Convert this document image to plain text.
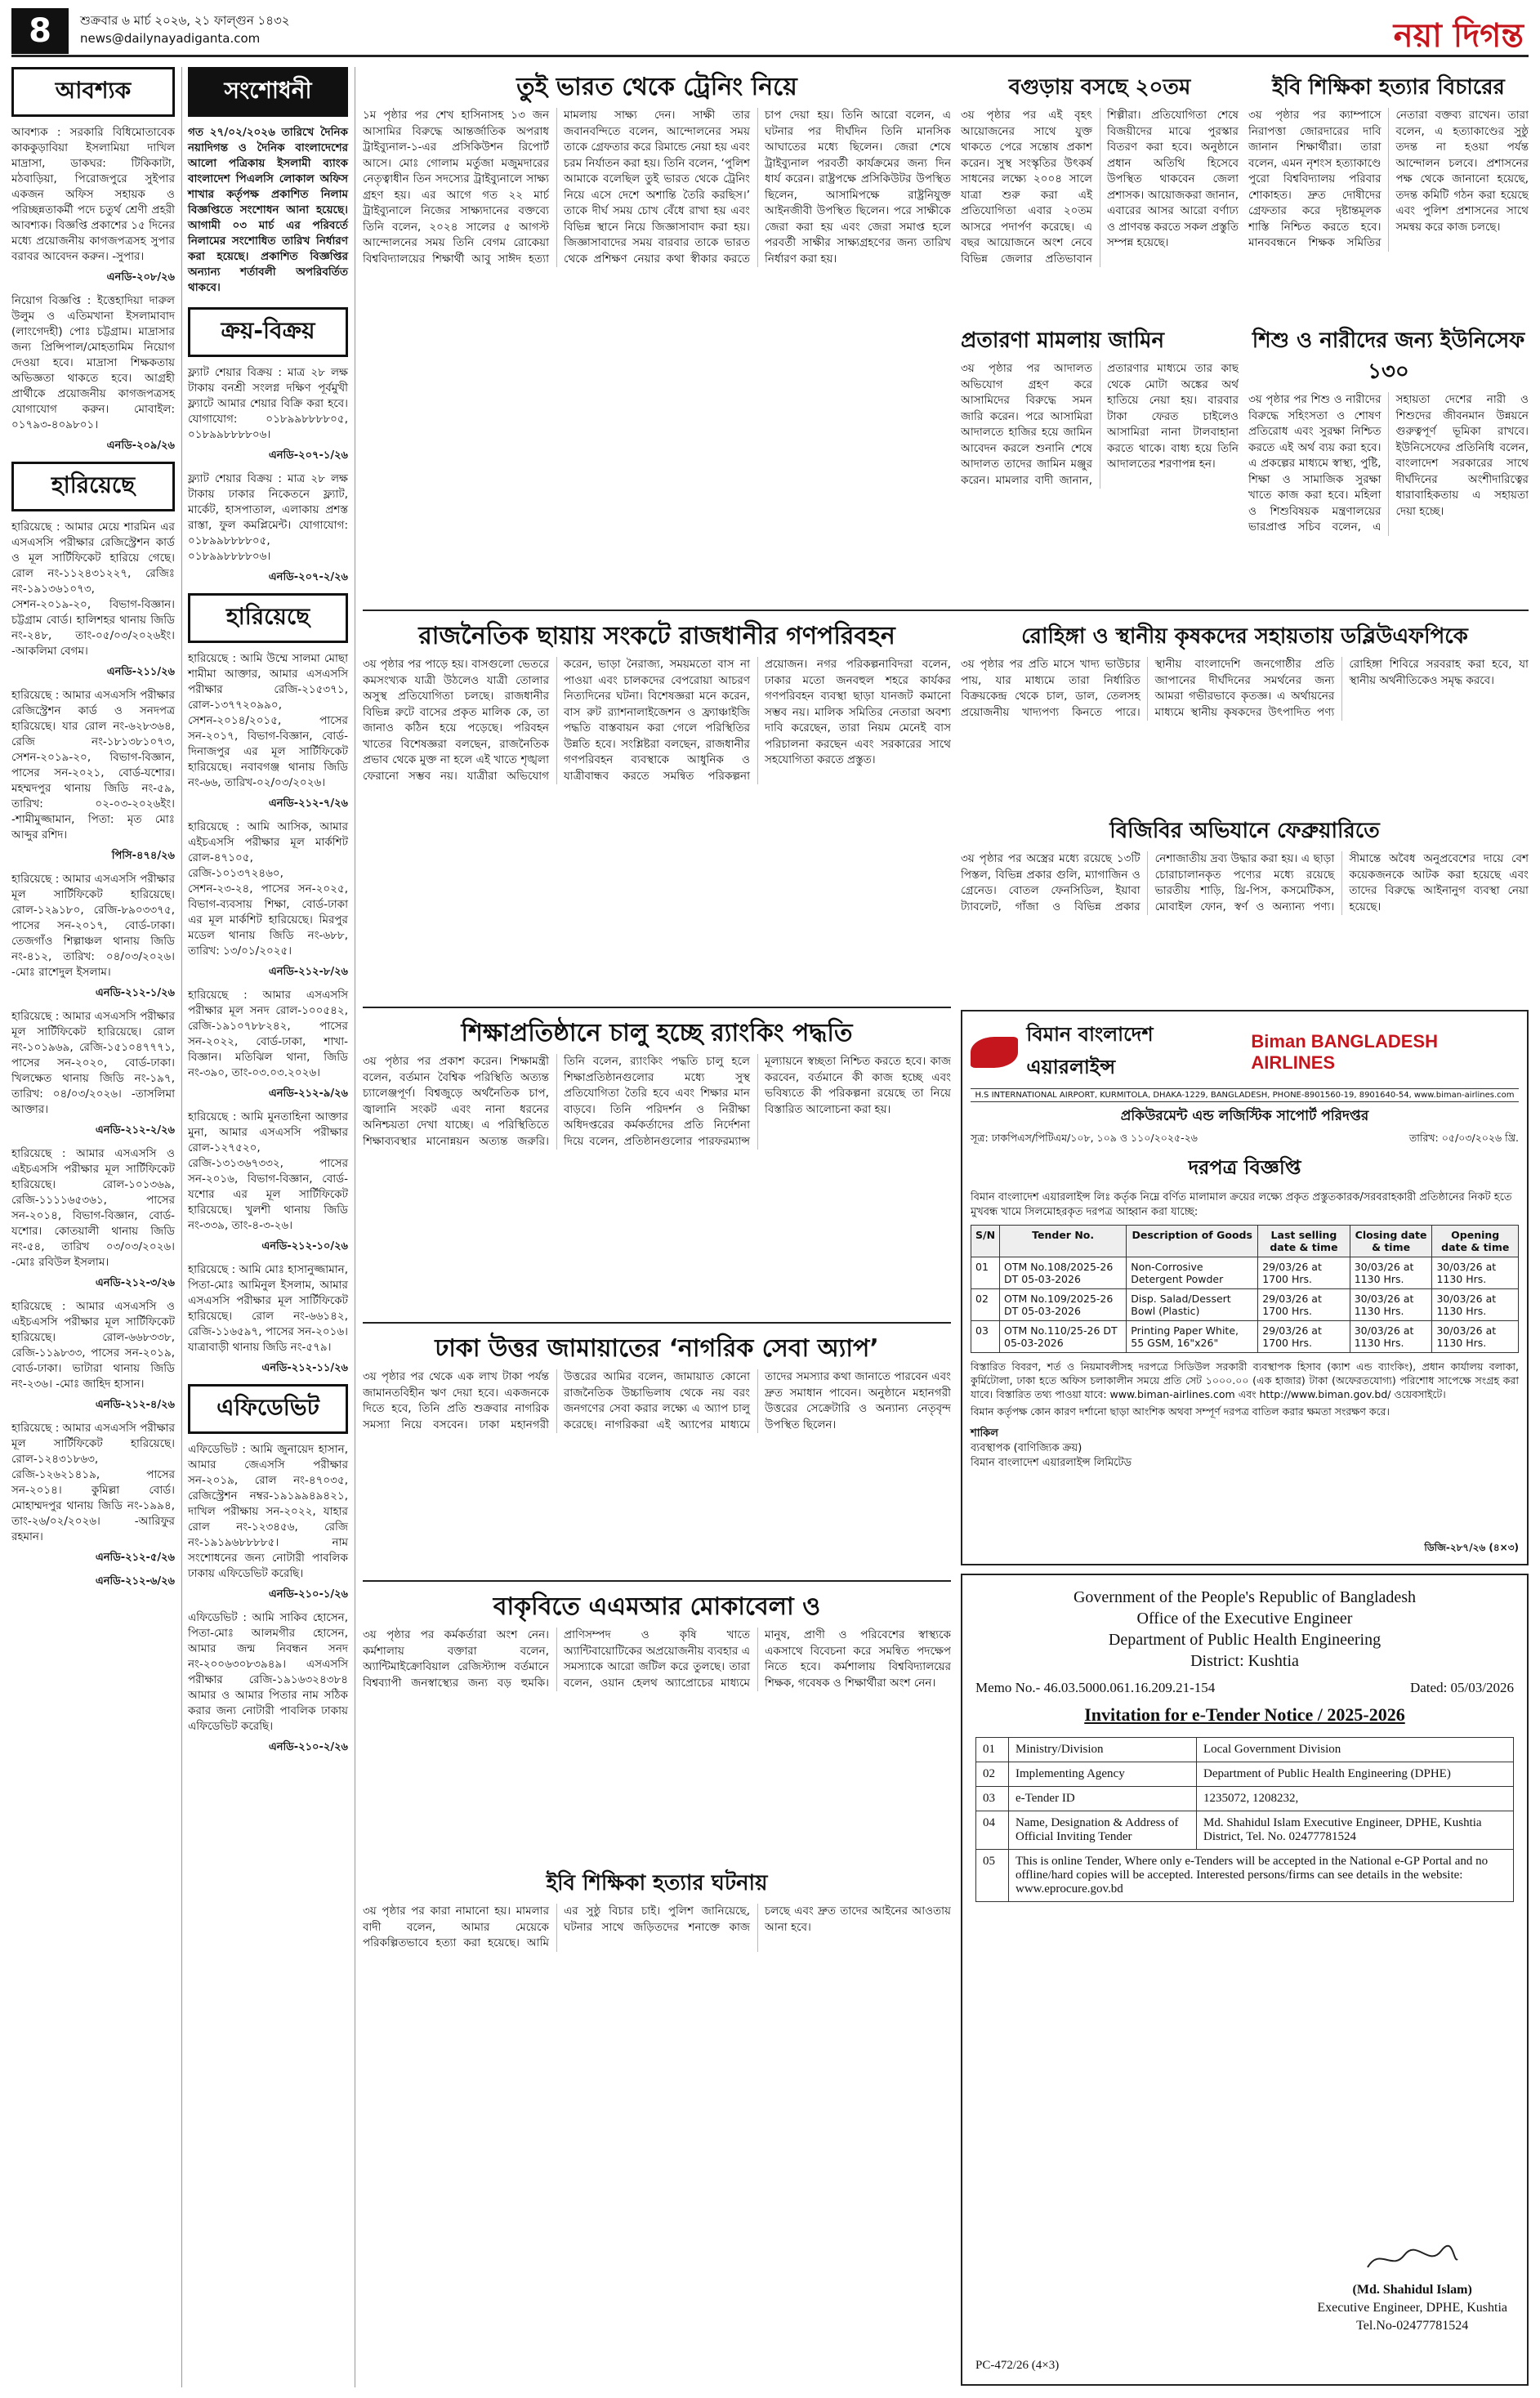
8	শুক্রবার ৬ মার্চ ২০২৬, ২১ ফাল্গুন ১৪৩২
news@dailynayadiganta.com	নয়া দিগন্ত
আবশ্যক

আবশ্যক : সরকারি বিধিমোতাবেক কাককুড়াবিয়া ইসলামিয়া দাখিল মাদ্রাসা, ডাকঘর: টিকিকাটা, মঠবাড়িয়া, পিরোজপুরে সুইপার একজন অফিস সহায়ক ও পরিচ্ছন্নতাকর্মী পদে চতুর্থ শ্রেণী প্রহরী আবশ্যক। বিজ্ঞপ্তি প্রকাশের ১৫ দিনের মধ্যে প্রয়োজনীয় কাগজপত্রসহ সুপার বরাবর আবেদন করুন। -সুপার।

এনডি-২০৮/২৬

নিয়োগ বিজ্ঞপ্তি : ইত্তেহাদিয়া দারুল উলুম ও এতিমখানা ইসলামাবাদ (লাংগেদহী) পোঃ চট্টগ্রাম। মাদ্রাসার জন্য প্রিন্সিপাল/মোহতামিম নিয়োগ দেওয়া হবে। মাদ্রাসা শিক্ষকতায় অভিজ্ঞতা থাকতে হবে। আগ্রহী প্রার্থীকে প্রয়োজনীয় কাগজপত্রসহ যোগাযোগ করুন। মোবাইল: ০১৭৯৩-৪০৯৮০১।

এনডি-২০৯/২৬
হারিয়েছে

হারিয়েছে : আমার মেয়ে শারমিন এর এসএসসি পরীক্ষার রেজিস্ট্রেশন কার্ড ও মূল সার্টিফিকেট হারিয়ে গেছে। রোল নং-১১২৪৩১২২৭, রেজিঃ নং-১৯১৩৬১০৭৩, সেশন-২০১৯-২০, বিভাগ-বিজ্ঞান। চট্টগ্রাম বোর্ড। হালিশহর থানায় জিডি নং-২৪৮, তাং-০৫/০৩/২০২৬ইং। -আকলিমা বেগম।

এনডি-২১১/২৬

হারিয়েছে : আমার এসএসসি পরীক্ষার রেজিস্ট্রেশন কার্ড ও সনদপত্র হারিয়েছে। যার রোল নং-৬২৮৩৬৪, রেজি নং-১৮১৩৮১০৭৩, সেশন-২০১৯-২০, বিভাগ-বিজ্ঞান, পাসের সন-২০২১, বোর্ড-যশোর। মহম্মদপুর থানায় জিডি নং-৫৯, তারিখ: ০২-০৩-২০২৬ইং। -শামীমুজ্জামান, পিতা: মৃত মোঃ আব্দুর রশিদ।

পিসি-৪৭৪/২৬

হারিয়েছে : আমার এসএসসি পরীক্ষার মূল সার্টিফিকেট হারিয়েছে। রোল-১২৯১৮০, রেজি-৮৯০৩৩৭৫, পাসের সন-২০১৭, বোর্ড-ঢাকা। তেজগাঁও শিল্পাঞ্চল থানায় জিডি নং-৪১২, তারিখ: ০৪/০৩/২০২৬। -মোঃ রাশেদুল ইসলাম।

এনডি-২১২-১/২৬

হারিয়েছে : আমার এসএসসি পরীক্ষার মূল সার্টিফিকেট হারিয়েছে। রোল নং-১০১৯৬৯, রেজি-১৫১০৪৭৭৭১, পাসের সন-২০২০, বোর্ড-ঢাকা। খিলক্ষেত থানায় জিডি নং-১৯৭, তারিখ: ০৪/০৩/২০২৬। -তাসলিমা আক্তার।

এনডি-২১২-২/২৬

হারিয়েছে : আমার এসএসসি ও এইচএসসি পরীক্ষার মূল সার্টিফিকেট হারিয়েছে। রোল-১০১৩৬৯, রেজি-১১১১৬৫৩৬১, পাসের সন-২০১৪, বিভাগ-বিজ্ঞান, বোর্ড-যশোর। কোতয়ালী থানায় জিডি নং-৫৪, তারিখ ০৩/০৩/২০২৬। -মোঃ রবিউল ইসলাম।

এনডি-২১২-৩/২৬

হারিয়েছে : আমার এসএসসি ও এইচএসসি পরীক্ষার মূল সার্টিফিকেট হারিয়েছে। রোল-৬৬৮৩৩৮, রেজি-১১৯৮৩৩, পাসের সন-২০১৯, বোর্ড-ঢাকা। ভাটারা থানায় জিডি নং-২৩৬। -মোঃ জাহিদ হাসান।

এনডি-২১২-৪/২৬

হারিয়েছে : আমার এসএসসি পরীক্ষার মূল সার্টিফিকেট হারিয়েছে। রোল-১২৪৩১৮৬৩, রেজি-১২৬২১৪১৯, পাসের সন-২০১৪। কুমিল্লা বোর্ড। মোহাম্মদপুর থানায় জিডি নং-১৯৯৪, তাং-২৬/০২/২০২৬। -আরিফুর রহমান।

এনডি-২১২-৫/২৬
এনডি-২১২-৬/২৬
সংশোধনী
গত ২৭/০২/২০২৬ তারিখে দৈনিক নয়াদিগন্ত ও দৈনিক বাংলাদেশের আলো পত্রিকায় ইসলামী ব্যাংক বাংলাদেশ পিএলসি লোকাল অফিস শাখার কর্তৃপক্ষ প্রকাশিত নিলাম বিজ্ঞপ্তিতে সংশোধন আনা হয়েছে। আগামী ০৩ মার্চ এর পরিবর্তে নিলামের সংশোধিত তারিখ নির্ধারণ করা হয়েছে। প্রকাশিত বিজ্ঞপ্তির অন্যান্য শর্তাবলী অপরিবর্তিত থাকবে।
ক্রয়-বিক্রয়

ফ্ল্যাট শেয়ার বিক্রয় : মাত্র ২৮ লক্ষ টাকায় বনশ্রী সংলগ্ন দক্ষিণ পূর্বমুখী ফ্ল্যাটে আমার শেয়ার বিক্রি করা হবে। যোগাযোগ: ০১৮৯৯৮৮৮৮০৫, ০১৮৯৯৮৮৮৮০৬।

এনডি-২০৭-১/২৬

ফ্ল্যাট শেয়ার বিক্রয় : মাত্র ২৮ লক্ষ টাকায় ঢাকার নিকেতনে ফ্ল্যাট, মার্কেট, হাসপাতাল, এলাকায় প্রশস্ত রাস্তা, ফুল কমপ্লিমেন্ট। যোগাযোগ: ০১৮৯৯৮৮৮৮০৫, ০১৮৯৯৮৮৮৮০৬।

এনডি-২০৭-২/২৬
হারিয়েছে

হারিয়েছে : আমি উম্মে সালমা মোছা শামীমা আক্তার, আমার এসএসসি পরীক্ষার রেজি-২১৫৩৭১, রোল-১৩৭৭২০৯৯০, সেশন-২০১৪/২০১৫, পাসের সন-২০১৭, বিভাগ-বিজ্ঞান, বোর্ড-দিনাজপুর এর মূল সার্টিফিকেট হারিয়েছে। নবাবগঞ্জ থানায় জিডি নং-৬৬, তারিখ-০২/০৩/২০২৬।

এনডি-২১২-৭/২৬

হারিয়েছে : আমি আসিক, আমার এইচএসসি পরীক্ষার মূল মার্কশিট রোল-৪৭১০৫, রেজি-১০১৩৭২৪৬০, সেশন-২৩-২৪, পাসের সন-২০২৫, বিভাগ-ব্যবসায় শিক্ষা, বোর্ড-ঢাকা এর মূল মার্কশিট হারিয়েছে। মিরপুর মডেল থানায় জিডি নং-৬৮৮, তারিখ: ১৩/০১/২০২৫।

এনডি-২১২-৮/২৬

হারিয়েছে : আমার এসএসসি পরীক্ষার মূল সনদ রোল-১০০৫৪২, রেজি-১৯১০৭৮৮২৪২, পাসের সন-২০২২, বোর্ড-ঢাকা, শাখা-বিজ্ঞান। মতিঝিল থানা, জিডি নং-৩৯০, তাং-০৩.০৩.২০২৬।

এনডি-২১২-৯/২৬

হারিয়েছে : আমি মুনতাহিনা আক্তার মুনা, আমার এসএসসি পরীক্ষার রোল-১২৭৫২০, রেজি-১৩১৩৬৭৩৩২, পাসের সন-২০১৬, বিভাগ-বিজ্ঞান, বোর্ড-যশোর এর মূল সার্টিফিকেট হারিয়েছে। খুলশী থানায় জিডি নং-৩৩৯, তাং-৪-৩-২৬।

এনডি-২১২-১০/২৬

হারিয়েছে : আমি মোঃ হাসানুজ্জামান, পিতা-মোঃ আমিনুল ইসলাম, আমার এসএসসি পরীক্ষার মূল সার্টিফিকেট হারিয়েছে। রোল নং-৬৬১৪২, রেজি-১১৬৫৯৭, পাসের সন-২০১৬। যাত্রাবাড়ী থানায় জিডি নং-৫৭৯।

এনডি-২১২-১১/২৬
এফিডেভিট

এফিডেভিট : আমি জুনায়েদ হাসান, আমার জেএসসি পরীক্ষার সন-২০১৯, রোল নং-৪৭০৩৫, রেজিস্ট্রেশন নম্বর-১৯১৯৯৪৯৪২১, দাখিল পরীক্ষায় সন-২০২২, যাহার রোল নং-১২৩৪৫৬, রেজি নং-১৯১৯৬৮৮৮৮৫। নাম সংশোধনের জন্য নোটারী পাবলিক ঢাকায় এফিডেভিট করেছি।

এনডি-২১০-১/২৬

এফিডেভিট : আমি সাকিব হোসেন, পিতা-মোঃ আলমগীর হোসেন, আমার জন্ম নিবন্ধন সনদ নং-২০০৬৩০৮৩৯৪৯। এসএসসি পরীক্ষার রেজি-১৯১৬৩২৪৩৮৪ আমার ও আমার পিতার নাম সঠিক করার জন্য নোটারী পাবলিক ঢাকায় এফিডেভিট করেছি।

এনডি-২১০-২/২৬
তুই ভারত থেকে ট্রেনিং নিয়ে
১ম পৃষ্ঠার পর শেখ হাসিনাসহ ১৩ জন আসামির বিরুদ্ধে আন্তর্জাতিক অপরাধ ট্রাইব্যুনাল-১-এর প্রসিকিউশন রিপোর্ট আসে। মোঃ গোলাম মর্তুজা মজুমদারের নেতৃত্বাধীন তিন সদস্যের ট্রাইব্যুনালে সাক্ষ্য গ্রহণ হয়। এর আগে গত ২২ মার্চ ট্রাইব্যুনালে নিজের সাক্ষ্যদানের বক্তব্যে তিনি বলেন, ২০২৪ সালের ৫ আগস্ট আন্দোলনের সময় তিনি বেগম রোকেয়া বিশ্ববিদ্যালয়ের শিক্ষার্থী আবু সাঈদ হত্যা মামলায় সাক্ষ্য দেন। সাক্ষী তার জবানবন্দিতে বলেন, আন্দোলনের সময় তাকে গ্রেফতার করে রিমান্ডে নেয়া হয় এবং চরম নির্যাতন করা হয়। তিনি বলেন, ‘পুলিশ আমাকে বলেছিল তুই ভারত থেকে ট্রেনিং নিয়ে এসে দেশে অশান্তি তৈরি করছিস।’ তাকে দীর্ঘ সময় চোখ বেঁধে রাখা হয় এবং বিভিন্ন স্থানে নিয়ে জিজ্ঞাসাবাদ করা হয়। জিজ্ঞাসাবাদের সময় বারবার তাকে ভারত থেকে প্রশিক্ষণ নেয়ার কথা স্বীকার করতে চাপ দেয়া হয়। তিনি আরো বলেন, এ ঘটনার পর দীর্ঘদিন তিনি মানসিক আঘাতের মধ্যে ছিলেন। জেরা শেষে ট্রাইব্যুনাল পরবর্তী কার্যক্রমের জন্য দিন ধার্য করেন। রাষ্ট্রপক্ষে প্রসিকিউটর উপস্থিত ছিলেন, আসামিপক্ষে রাষ্ট্রনিযুক্ত আইনজীবী উপস্থিত ছিলেন। পরে সাক্ষীকে জেরা করা হয় এবং জেরা সমাপ্ত হলে পরবর্তী সাক্ষীর সাক্ষ্যগ্রহণের জন্য তারিখ নির্ধারণ করা হয়।
বগুড়ায় বসছে ২০তম
৩য় পৃষ্ঠার পর এই বৃহৎ আয়োজনের সাথে যুক্ত থাকতে পেরে সন্তোষ প্রকাশ করেন। সুস্থ সংস্কৃতির উৎকর্ষ সাধনের লক্ষ্যে ২০০৪ সালে যাত্রা শুরু করা এই প্রতিযোগিতা এবার ২০তম আসরে পদার্পণ করেছে। এ বছর আয়োজনে অংশ নেবে বিভিন্ন জেলার প্রতিভাবান শিল্পীরা। প্রতিযোগিতা শেষে বিজয়ীদের মাঝে পুরস্কার বিতরণ করা হবে। অনুষ্ঠানে প্রধান অতিথি হিসেবে উপস্থিত থাকবেন জেলা প্রশাসক। আয়োজকরা জানান, এবারের আসর আরো বর্ণাঢ্য ও প্রাণবন্ত করতে সকল প্রস্তুতি সম্পন্ন হয়েছে।
ইবি শিক্ষিকা হত্যার বিচারের
৩য় পৃষ্ঠার পর ক্যাম্পাসে নিরাপত্তা জোরদারের দাবি জানান শিক্ষার্থীরা। তারা বলেন, এমন নৃশংস হত্যাকাণ্ডে পুরো বিশ্ববিদ্যালয় পরিবার শোকাহত। দ্রুত দোষীদের গ্রেফতার করে দৃষ্টান্তমূলক শাস্তি নিশ্চিত করতে হবে। মানববন্ধনে শিক্ষক সমিতির নেতারা বক্তব্য রাখেন। তারা বলেন, এ হত্যাকাণ্ডের সুষ্ঠু তদন্ত না হওয়া পর্যন্ত আন্দোলন চলবে। প্রশাসনের পক্ষ থেকে জানানো হয়েছে, তদন্ত কমিটি গঠন করা হয়েছে এবং পুলিশ প্রশাসনের সাথে সমন্বয় করে কাজ চলছে।
প্রতারণা মামলায় জামিন
৩য় পৃষ্ঠার পর আদালত অভিযোগ গ্রহণ করে আসামিদের বিরুদ্ধে সমন জারি করেন। পরে আসামিরা আদালতে হাজির হয়ে জামিন আবেদন করলে শুনানি শেষে আদালত তাদের জামিন মঞ্জুর করেন। মামলার বাদী জানান, প্রতারণার মাধ্যমে তার কাছ থেকে মোটা অঙ্কের অর্থ হাতিয়ে নেয়া হয়। বারবার টাকা ফেরত চাইলেও আসামিরা নানা টালবাহানা করতে থাকে। বাধ্য হয়ে তিনি আদালতের শরণাপন্ন হন।
শিশু ও নারীদের জন্য ইউনিসেফ ১৩০
৩য় পৃষ্ঠার পর শিশু ও নারীদের বিরুদ্ধে সহিংসতা ও শোষণ প্রতিরোধ এবং সুরক্ষা নিশ্চিত করতে এই অর্থ ব্যয় করা হবে। এ প্রকল্পের মাধ্যমে স্বাস্থ্য, পুষ্টি, শিক্ষা ও সামাজিক সুরক্ষা খাতে কাজ করা হবে। মহিলা ও শিশুবিষয়ক মন্ত্রণালয়ের ভারপ্রাপ্ত সচিব বলেন, এ সহায়তা দেশের নারী ও শিশুদের জীবনমান উন্নয়নে গুরুত্বপূর্ণ ভূমিকা রাখবে। ইউনিসেফের প্রতিনিধি বলেন, বাংলাদেশ সরকারের সাথে দীর্ঘদিনের অংশীদারিত্বের ধারাবাহিকতায় এ সহায়তা দেয়া হচ্ছে।
রাজনৈতিক ছায়ায় সংকটে রাজধানীর গণপরিবহন
৩য় পৃষ্ঠার পর পাড়ে হয়। বাসগুলো ভেতরে কমসংখ্যক যাত্রী উঠলেও যাত্রী তোলার অসুস্থ প্রতিযোগিতা চলছে। রাজধানীর বিভিন্ন রুটে বাসের প্রকৃত মালিক কে, তা জানাও কঠিন হয়ে পড়েছে। পরিবহন খাতের বিশেষজ্ঞরা বলছেন, রাজনৈতিক প্রভাব থেকে মুক্ত না হলে এই খাতে শৃঙ্খলা ফেরানো সম্ভব নয়। যাত্রীরা অভিযোগ করেন, ভাড়া নৈরাজ্য, সময়মতো বাস না পাওয়া এবং চালকদের বেপরোয়া আচরণ নিত্যদিনের ঘটনা। বিশেষজ্ঞরা মনে করেন, বাস রুট র‌্যাশনালাইজেশন ও ফ্র্যাঞ্চাইজি পদ্ধতি বাস্তবায়ন করা গেলে পরিস্থিতির উন্নতি হবে। সংশ্লিষ্টরা বলছেন, রাজধানীর গণপরিবহন ব্যবস্থাকে আধুনিক ও যাত্রীবান্ধব করতে সমন্বিত পরিকল্পনা প্রয়োজন। নগর পরিকল্পনাবিদরা বলেন, ঢাকার মতো জনবহুল শহরে কার্যকর গণপরিবহন ব্যবস্থা ছাড়া যানজট কমানো সম্ভব নয়। মালিক সমিতির নেতারা অবশ্য দাবি করেছেন, তারা নিয়ম মেনেই বাস পরিচালনা করছেন এবং সরকারের সাথে সহযোগিতা করতে প্রস্তুত।
রোহিঙ্গা ও স্থানীয় কৃষকদের সহায়তায় ডব্লিউএফপিকে
৩য় পৃষ্ঠার পর প্রতি মাসে খাদ্য ভাউচার পায়, যার মাধ্যমে তারা নির্ধারিত বিক্রয়কেন্দ্র থেকে চাল, ডাল, তেলসহ প্রয়োজনীয় খাদ্যপণ্য কিনতে পারে। স্থানীয় বাংলাদেশি জনগোষ্ঠীর প্রতি জাপানের দীর্ঘদিনের সমর্থনের জন্য আমরা গভীরভাবে কৃতজ্ঞ। এ অর্থায়নের মাধ্যমে স্থানীয় কৃষকদের উৎপাদিত পণ্য রোহিঙ্গা শিবিরে সরবরাহ করা হবে, যা স্থানীয় অর্থনীতিকেও সমৃদ্ধ করবে।
বিজিবির অভিযানে ফেব্রুয়ারিতে
৩য় পৃষ্ঠার পর অস্ত্রের মধ্যে রয়েছে ১৩টি পিস্তল, বিভিন্ন প্রকার গুলি, ম্যাগাজিন ও গ্রেনেড। বোতল ফেনসিডিল, ইয়াবা ট্যাবলেট, গাঁজা ও বিভিন্ন প্রকার নেশাজাতীয় দ্রব্য উদ্ধার করা হয়। এ ছাড়া চোরাচালানকৃত পণ্যের মধ্যে রয়েছে ভারতীয় শাড়ি, থ্রি-পিস, কসমেটিকস, মোবাইল ফোন, স্বর্ণ ও অন্যান্য পণ্য। সীমান্তে অবৈধ অনুপ্রবেশের দায়ে বেশ কয়েকজনকে আটক করা হয়েছে এবং তাদের বিরুদ্ধে আইনানুগ ব্যবস্থা নেয়া হয়েছে।
শিক্ষাপ্রতিষ্ঠানে চালু হচ্ছে র‌্যাংকিং পদ্ধতি
৩য় পৃষ্ঠার পর প্রকাশ করেন। শিক্ষামন্ত্রী বলেন, বর্তমান বৈশ্বিক পরিস্থিতি অত্যন্ত চ্যালেঞ্জপূর্ণ। বিশ্বজুড়ে অর্থনৈতিক চাপ, জ্বালানি সংকট এবং নানা ধরনের অনিশ্চয়তা দেখা যাচ্ছে। এ পরিস্থিতিতে শিক্ষাব্যবস্থার মানোন্নয়ন অত্যন্ত জরুরি। তিনি বলেন, র‌্যাংকিং পদ্ধতি চালু হলে শিক্ষাপ্রতিষ্ঠানগুলোর মধ্যে সুস্থ প্রতিযোগিতা তৈরি হবে এবং শিক্ষার মান বাড়বে। তিনি পরিদর্শন ও নিরীক্ষা অধিদপ্তরের কর্মকর্তাদের প্রতি নির্দেশনা দিয়ে বলেন, প্রতিষ্ঠানগুলোর পারফরম্যান্স মূল্যায়নে স্বচ্ছতা নিশ্চিত করতে হবে। কাজ করবেন, বর্তমানে কী কাজ হচ্ছে এবং ভবিষ্যতে কী পরিকল্পনা রয়েছে তা নিয়ে বিস্তারিত আলোচনা করা হয়।
বিমান বাংলাদেশ এয়ারলাইন্স
Biman BANGLADESH AIRLINES
H.S INTERNATIONAL AIRPORT, KURMITOLA, DHAKA-1229, BANGLADESH, PHONE-8901560-19, 8901640-54, www.biman-airlines.com
প্রকিউরমেন্ট এন্ড লজিস্টিক সাপোর্ট পরিদপ্তর
সূত্র: ঢাকপিএস/পিটিএম/১০৮, ১০৯ ও ১১০/২০২৫-২৬	তারিখ: ০৫/০৩/২০২৬ খ্রি.
দরপত্র বিজ্ঞপ্তি
বিমান বাংলাদেশ এয়ারলাইন্স লিঃ কর্তৃক নিম্নে বর্ণিত মালামাল ক্রয়ের লক্ষ্যে প্রকৃত প্রস্তুতকারক/সরবরাহকারী প্রতিষ্ঠানের নিকট হতে মুখবন্ধ খামে সিলমোহরকৃত দরপত্র আহ্বান করা যাচ্ছে:
S/N	Tender No.	Description of Goods	Last selling date & time	Closing date & time	Opening date & time
01	OTM No.108/2025-26 DT 05-03-2026	Non-Corrosive Detergent Powder	29/03/26 at 1700 Hrs.	30/03/26 at 1130 Hrs.	30/03/26 at 1130 Hrs.
02	OTM No.109/2025-26 DT 05-03-2026	Disp. Salad/Dessert Bowl (Plastic)	29/03/26 at 1700 Hrs.	30/03/26 at 1130 Hrs.	30/03/26 at 1130 Hrs.
03	OTM No.110/25-26 DT 05-03-2026	Printing Paper White, 55 GSM, 16"x26"	29/03/26 at 1700 Hrs.	30/03/26 at 1130 Hrs.	30/03/26 at 1130 Hrs.
বিস্তারিত বিবরণ, শর্ত ও নিয়মাবলীসহ দরপত্রে সিডিউল সরকারী ব্যবস্থাপক হিসাব (ক্যাশ এন্ড ব্যাংকিং), প্রধান কার্যালয় বলাকা, কুর্মিটোলা, ঢাকা হতে অফিস চলাকালীন সময়ে প্রতি সেট ১০০০.০০ (এক হাজার) টাকা (অফেরতযোগ্য) পরিশোধ সাপেক্ষে সংগ্রহ করা যাবে। বিস্তারিত তথ্য পাওয়া যাবে: www.biman-airlines.com এবং http://www.biman.gov.bd/ ওয়েবসাইটে।
বিমান কর্তৃপক্ষ কোন কারণ দর্শানো ছাড়া আংশিক অথবা সম্পূর্ণ দরপত্র বাতিল করার ক্ষমতা সংরক্ষণ করে।
শাকিল
ব্যবস্থাপক (বাণিজ্যিক ক্রয়)
বিমান বাংলাদেশ এয়ারলাইন্স লিমিটেড
ডিজি-২৮৭/২৬ (৪×৩)
ঢাকা উত্তর জামায়াতের ‘নাগরিক সেবা অ্যাপ’
৩য় পৃষ্ঠার পর থেকে এক লাখ টাকা পর্যন্ত জামানতবিহীন ঋণ দেয়া হবে। একজনকে দিতে হবে, তিনি প্রতি শুক্রবার নাগরিক সমস্যা নিয়ে বসবেন। ঢাকা মহানগরী উত্তরের আমির বলেন, জামায়াত কোনো রাজনৈতিক উচ্চাভিলাষ থেকে নয় বরং জনগণের সেবা করার লক্ষ্যে এ অ্যাপ চালু করেছে। নাগরিকরা এই অ্যাপের মাধ্যমে তাদের সমস্যার কথা জানাতে পারবেন এবং দ্রুত সমাধান পাবেন। অনুষ্ঠানে মহানগরী উত্তরের সেক্রেটারি ও অন্যান্য নেতৃবৃন্দ উপস্থিত ছিলেন।
বাকৃবিতে এএমআর মোকাবেলা ও
৩য় পৃষ্ঠার পর কর্মকর্তারা অংশ নেন। কর্মশালায় বক্তারা বলেন, অ্যান্টিমাইক্রোবিয়াল রেজিস্ট্যান্স বর্তমানে বিশ্বব্যাপী জনস্বাস্থ্যের জন্য বড় হুমকি। প্রাণিসম্পদ ও কৃষি খাতে অ্যান্টিবায়োটিকের অপ্রয়োজনীয় ব্যবহার এ সমস্যাকে আরো জটিল করে তুলছে। তারা বলেন, ওয়ান হেলথ অ্যাপ্রোচের মাধ্যমে মানুষ, প্রাণী ও পরিবেশের স্বাস্থ্যকে একসাথে বিবেচনা করে সমন্বিত পদক্ষেপ নিতে হবে। কর্মশালায় বিশ্ববিদ্যালয়ের শিক্ষক, গবেষক ও শিক্ষার্থীরা অংশ নেন।
ইবি শিক্ষিকা হত্যার ঘটনায়
৩য় পৃষ্ঠার পর কারা নামানো হয়। মামলার বাদী বলেন, আমার মেয়েকে পরিকল্পিতভাবে হত্যা করা হয়েছে। আমি এর সুষ্ঠু বিচার চাই। পুলিশ জানিয়েছে, ঘটনার সাথে জড়িতদের শনাক্তে কাজ চলছে এবং দ্রুত তাদের আইনের আওতায় আনা হবে।
Government of the People's Republic of Bangladesh
Office of the Executive Engineer
Department of Public Health Engineering
District: Kushtia
Memo No.- 46.03.5000.061.16.209.21-154	Dated: 05/03/2026
Invitation for e-Tender Notice / 2025-2026
01	Ministry/Division	Local Government Division
02	Implementing Agency	Department of Public Health Engineering (DPHE)
03	e-Tender ID	1235072, 1208232,
04	Name, Designation & Address of Official Inviting Tender	Md. Shahidul Islam Executive Engineer, DPHE, Kushtia District, Tel. No. 02477781524
05	This is online Tender, Where only e-Tenders will be accepted in the National e-GP Portal and no offline/hard copies will be accepted. Interested persons/firms can see details in the website: www.eprocure.gov.bd	
(Md. Shahidul Islam)
Executive Engineer, DPHE, Kushtia
Tel.No-02477781524
PC-472/26 (4×3)
